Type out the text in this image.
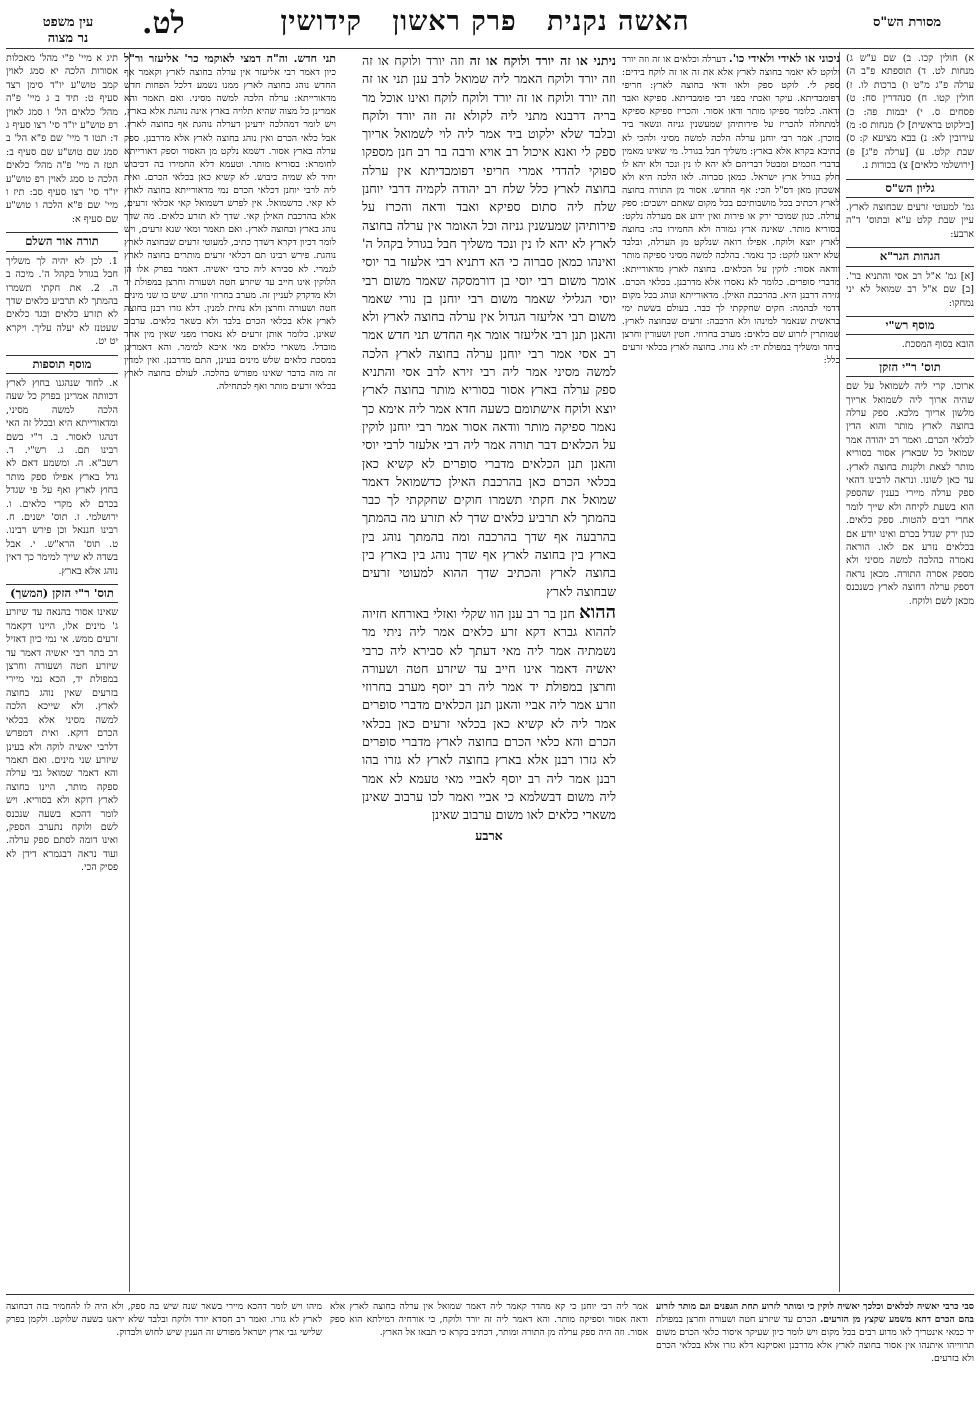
מסורת הש"ס
האשה נקנית פרק ראשון קידושין
לט.
עין משפט
נר מצוה

א) חולין קכו. ב) שם ע"ש ג) מנחות לט. ד) תוספתא פ"ב ה) ערלה פ"ג מ"ט ו) ברכות לו. ז) חולין קטו. ח) סנהדרין סח: ט) פסחים ס. י) יבמות פה: כ) [בילקוט בראשית] ל) מנחות ס: מ) עירובין לא: נ) בבא מציעא ק: ס) שבת קלט. ע) [ערלה פ"ג] פ) [ירושלמי כלאים] צ) בכורות נ.

גליון הש"ס

גמ' למעוטי זרעים שבחוצה לארץ. עיין שבת קלט ע"א ובתוס' ד"ה ארבע:

הגהות הגר"א

[א] גמ' א"ל רב אסי והתניא בר'. [ב] שם א"ל רב שמואל לא יני נמחקו:

מוסף רש"י

הובא בסוף המסכת.

תוס' ר"י הזקן

ארוכו. קרי ליה לשמואל על שם שהיה ארוך ליה לשמואל אריוך מלשון אריוך מלכא. ספק ערלה בחוצה לארץ מותר והוא הדין לכלאי הכרם. ואמר רב יהודה אמר שמואל כל שבארץ אסור בסוריא מותר לצאת ולקנות בחוצה לארץ. עד כאן לשונו. ונראה לרבינו דהאי ספק ערלה מיירי בענין שהספק הוא בשעת לקיחה ולא שייך לומר אחרי רבים להטות. ספק כלאים. כגון ירק שגדל בכרם ואינו יודע אם בכלאים נזרע אם לאו. הוראה נאמרה בהלכה למשה מסיני ולא מספק אסרה התורה. מכאן נראה דספק ערלה דחוצה לארץ כשנכנס מכאן לשם ולוקח.

תיג א מיי' פ"י מהל' מאכלות אסורות הלכה יא סמג לאוין קמב טוש"ע יו"ד סימן רצד סעיף ט: תיד ב ג מיי' פ"ה מהל' כלאים הל' ו סמג לאוין רפ טוש"ע יו"ד סי' רצו סעיף ג ד: תטו ד מיי' שם פ"א הל' ב סמג שם טוש"ע שם סעיף ב: תטז ה מיי' פ"ה מהל' כלאים הלכה ט סמג לאוין רפ טוש"ע יו"ד סי' רצו סעיף סב: תיז ו מיי' שם פ"א הלכה ו טוש"ע שם סעיף א:

תורה אור השלם

1. לכן לא יהיה לך משליך חבל בגורל בקהל ה'. מיכה ב ה. 2. את חקתי תשמרו בהמתך לא תרביע כלאים שדך לא תזרע כלאים ובגד כלאים שעטנז לא יעלה עליך. ויקרא יט יט.

מוסף תוספות

א. לחוד שנהגנו בחוץ לארץ דכוותה אמרינן בפרק כל שעה הלכה למשה מסיני, ומדאורייתא היא ובכלל זה האי דנהגו לאסור. ב. ר"י בשם רבינו תם. ג. רש"י. ד. רשב"א. ה. ומשמע דאם לא גדל בארץ אפילו ספק מותר בחוץ לארץ ואף על פי שגדל בכרם לא מקרי כלאים. ו. ירושלמי. ז. תוס' ישנים. ח. רבינו חננאל וכן פירש רבינו. ט. תוס' הרא"ש. י. אבל בשדה לא שייך למימר כך דאין נוהג אלא בארץ.

תוס' ר"י הזקן (המשך)

שאינו אסור בהנאה עד שיזרע ג' מינים אלו, היינו דקאמר זרעים ממש. אי נמי כיון דאזיל רב בתר רבי יאשיה דאמר עד שיזרע חטה ושעורה וחרצן במפולת יד, הכא נמי מיירי בזרעים שאין נוהג בחוצה לארץ. ולא שייכא הלכה למשה מסיני אלא בכלאי הכרם דוקא. ואית דמפרש דלרבי יאשיה לוקה ולא בעינן שיזרע שני מינים. ואם תאמר והא דאמר שמואל גבי ערלה ספקה מותר, היינו בחוצה לארץ דוקא ולא בסוריא. ויש לומר דהכא בשעה שנכנס לשם ולוקח נתערב הספק, ואינו דומה לסתם ספק ערלה. ועוד נראה דבגמרא דידן לא פסיק הכי.

ניכוני או לאידי ולאידי כו'. דערלה וכלאים או זה וזה יורד ולוקט לא יאמר בחוצה לארץ אלא את זה או זה לוקח בידים: ספק לי. לוקט ספק ולאו ודאי בחוצה לארץ: חריפי דפומבדיתא. עיקר ואכתי בפני רבי פומבדיתא. ספיקא ואבד ודאה. כלומר ספיקו מותר ודאו אסור. והכריז ספיקא ספיקא למתחלה להכריז על פירותיהן שמעשנין גניזה ונשאר ביד מוכרן. אמר רבי יוחנן ערלה הלכה למשה מסיני ולהכי לא כתיבא בקרא אלא בארץ: משליך חבל בגורל. מי שאינו מאמין בדברי חכמים ומבטל דבריהם לא יהא לו נין ונכד ולא יהא לו חלק בגורל ארץ ישראל. כמאן סברוה. לאו הלכה היא ולא אשכחן מאן דס"ל הכי: אף החדש. אסור מן התורה בחוצה לארץ דכתיב בכל מושבותיכם בכל מקום שאתם יושבים: ספק ערלה. כגון שמוכר ירק או פירות ואין ידוע אם מערלה נלקט: בסוריא מותר. שאינה ארץ גמורה ולא החמירו בה: בחוצה לארץ יוצא ולוקח. אפילו רואה שנלקט מן הערלה, ובלבד שלא יראנו לוקט: כך נאמר. בהלכה למשה מסיני ספיקה מותר וודאה אסור: לוקין על הכלאים. בחוצה לארץ מדאורייתא: מדברי סופרים. כלומר לא נאסרו אלא מדרבנן. בכלאי הכרם. גזירה דרבנן היא. בהרכבת האילן. מדאורייתא ונוהג בכל מקום דדמי לבהמה: חקים שחקקתי לך כבר. בעולם בששת ימי בראשית שנאמר למינהו ולא הרכבה: זרעים שבחוצה לארץ. שמותרין לזרוע שם כלאים: מערב בחרוזי. חטין ושעורין וחרצן ביחד ומשליך במפולת יד: לא גזרו. בחוצה לארץ בכלאי זרעים כלל:

ניתני או זה יורד ולוקח או זה וזה יורד ולוקח או זה וזה יורד ולוקח האמר ליה שמואל לרב ענן תני או זה וזה יורד ולוקח או זה יורד ולוקח לוקח ואינו אוכל מר בריה דרבנא מתני ליה לקולא זה וזה יורד ולוקח ובלבד שלא ילקוט ביד אמר ליה לוי לשמואל אריוך ספק לי ואנא איכול רב אויא ורבה בר רב חנן מספקו ספוקי להדדי אמרי חריפי דפומבדיתא אין ערלה בחוצה לארץ כלל שלח רב יהודה לקמיה דרבי יוחנן שלח ליה סתום ספיקא ואבד ודאה והכרז על פירותיהן שמעשנין גניזה וכל האומר אין ערלה בחוצה לארץ לא יהא לו נין ונכד משליך חבל בגורל בקהל ה' ואינהו כמאן סברוה כי הא דתניא רבי אלעזר בר יוסי אומר משום רבי יוסי בן דורמסקה שאמר משום רבי יוסי הגלילי שאמר משום רבי יוחנן בן נורי שאמר משום רבי אליעזר הגדול אין ערלה בחוצה לארץ ולא והאנן תנן רבי אליעזר אומר אף החדש תני חדש אמר רב אסי אמר רבי יוחנן ערלה בחוצה לארץ הלכה למשה מסיני אמר ליה רבי זירא לרב אסי והתניא ספק ערלה בארץ אסור בסוריא מותר בחוצה לארץ יוצא ולוקח אישתומם כשעה חדא אמר ליה אימא כך נאמר ספיקה מותר וודאה אסור אמר רבי יוחנן לוקין על הכלאים דבר תורה אמר ליה רבי אלעזר לרבי יוסי והאנן תנן הכלאים מדברי סופרים לא קשיא כאן בכלאי הכרם כאן בהרכבת האילן כדשמואל דאמר שמואל את חקתי תשמרו חוקים שחקקתי לך כבר בהמתך לא תרביע כלאים שדך לא תזרע מה בהמתך בהרבעה אף שדך בהרכבה ומה בהמתך נוהג בין בארץ בין בחוצה לארץ אף שדך נוהג בין בארץ בין בחוצה לארץ והכתיב שדך ההוא למעוטי זרעים שבחוצה לארץ

ההוא חנן בר רב ענן הוו שקלי ואזלי באורחא חזיוה לההוא גברא דקא זרע כלאים אמר ליה ניתי מר נשמתיה אמר ליה מאי דעתך לא סבירא ליה כרבי יאשיה דאמר אינו חייב עד שיזרע חטה ושעורה וחרצן במפולת יד אמר ליה רב יוסף מערב בחרוזי וזרע אמר ליה אביי והאנן תנן הכלאים מדברי סופרים אמר ליה לא קשיא כאן בכלאי זרעים כאן בכלאי הכרם והא כלאי הכרם בחוצה לארץ מדברי סופרים לא גזרו רבנן אלא בארץ בחוצה לארץ לא גזרו בהו רבנן אמר ליה רב יוסף לאביי מאי טעמא לא אמר ליה משום דבשלמא כי אביי ואמר לכו ערבוב שאינן משארי כלאים לאו משום ערבוב שאינן

ארבע

תני חדש. וה"ה דמצי לאוקמי כר' אליעזר ור"ל כיון דאמר רבי אליעזר אין ערלה בחוצה לארץ וקאמר אף החדש נוהג בחוצה לארץ ממנו נשמע דלכל הפחות חדש מדאורייתא: ערלה הלכה למשה מסיני. ואם תאמר והא אמרינן כל מצוה שהיא תלויה בארץ אינה נוהגת אלא בארץ, ויש לומר דמהלכה ידעינן דערלה נוהגת אף בחוצה לארץ. אבל כלאי הכרם ואין נוהג בחוצה לארץ אלא מדרבנן. ספק ערלה בארץ אסור. דשמא נלקט מן האסור וספק דאורייתא לחומרא: בסוריא מותר. וטעמא דלא החמירו בה דכיבוש יחיד לא שמיה כיבוש. לא קשיא כאן בכלאי הכרם. ואית ליה לרבי יוחנן דכלאי הכרם נמי מדאורייתא בחוצה לארץ לא קאי. כדשמואל. אין לפרש דשמואל קאי אכלאי זרעים, אלא בהרכבת האילן קאי. שדך לא תזרע כלאים. מה שדך נוהג בארץ ובחוצה לארץ. ואם תאמר ומאי שנא זרעים, ויש לומר דכיון דקרא דשדך כתיב, למעוטי זרעים שבחוצה לארץ נוהגת. פירש רבינו תם דכלאי זרעים מותרים בחוצה לארץ לגמרי. לא סבירא ליה כרבי יאשיה. דאמר בפרק אלו הן הלוקין אינו חייב עד שיזרע חטה ושעורה וחרצן במפולת יד ולא מדקדק לעניין זה. מערב בחרוזי וזרע. שיש בו שני מינים חטה ושעורה וחרצן ולא נחית למנין. דלא גזרו רבנן בחוצה לארץ אלא בכלאי הכרם בלבד ולא בשאר כלאים. ערבוב שאינן. כלומר אותן זרעים לא נאסרו מפני שאין מין אחד מובדל. משארי כלאים מאי איכא למימר. והא דאמרינן במסכת כלאים שלש מינים בעינן, התם מדרבנן. ואין למדין זה מזה בדבר שאינו מפורש בהלכה. לעולם בחוצה לארץ בכלאי זרעים מותר ואף לכתחילה.

סבי כרבי יאשיה לכלאים וכלכך יאשיה לוקין כי ומותר לזרוע תחת הגפנים וגם מותר לזרוע בהם הכרם דהא משמע שקצץ מן הזרעים. הכרם עד שיזרע חטה ושעורה וחרצן במפולת יד כמאי אינטריך לאו מדוע רבים בכל מקום ויש לומר כיון שעיקר איסור כלאי הכרם משום תרווייהו איתנהו אין אסור בחוצה לארץ אלא מדרבנן ואסיקנא דלא גזרו אלא בכלאי הכרם ולא בזרעים.
אמר ליה רבי יוחנן כי קא מהדר קאמר ליה דאמר שמואל אין ערלה בחוצה לארץ אלא ודאה אסור וספיקה מותר. והא דאמר ליה זה יורד ולוקח, כי אורחיה דמילתא הוא ספק אסור. וזה היה ספק ערלה מן התורה ומותר, דכתיב בקרא כי תבאו אל הארץ.
מיהו ויש לומר דהכא מיירי בשאר שנה שיש בה ספק, ולא היה לו להחמיר בזה דבחוצה לארץ לא גזרו. ואמר רב חסדא יורד ולוקח ובלבד שלא יראנו בשעה שלוקט. ולקמן בפרק שלישי גבי ארץ ישראל מפורש זה הענין שיש לחוש ולבדוק.
